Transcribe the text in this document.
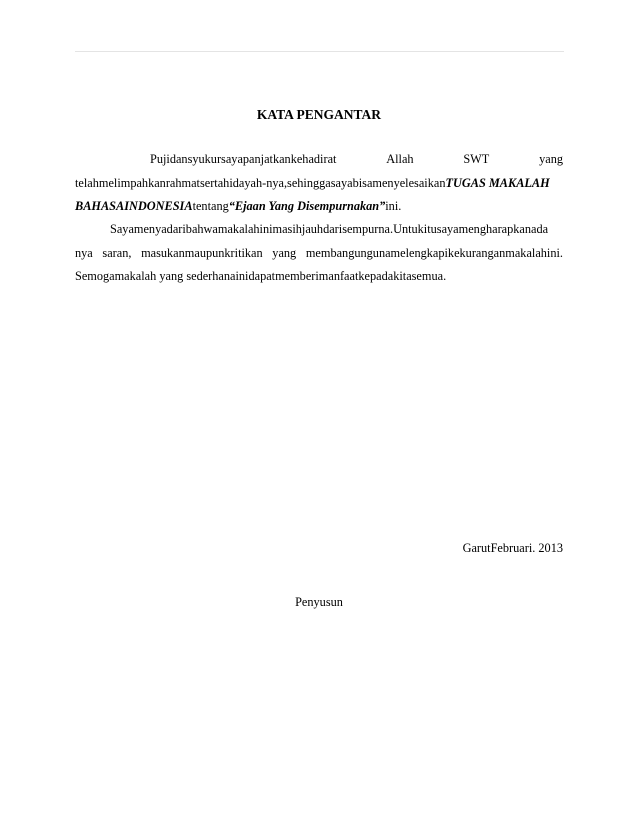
KATA PENGANTAR
Pujidansyukursayapanjatkankehadirat	Allah	SWT	yang
telahmelimpahkanrahmatsertahidayah-nya,sehinggasayabisamenyelesaikanTUGAS MAKALAH
BAHASAINDONESIAtentang“Ejaan Yang Disempurnakan”ini.
Sayamenyadaribahwamakalahinimasihjauhdarisempurna.Untukitusayamengharapkanada
nya saran, masukanmaupunkritikan yang membangungunamelengkapikekuranganmakalahini.
Semogamakalah yang sederhanainidapatmemberimanfaatkepadakitasemua.
GarutFebruari. 2013
Penyusun
